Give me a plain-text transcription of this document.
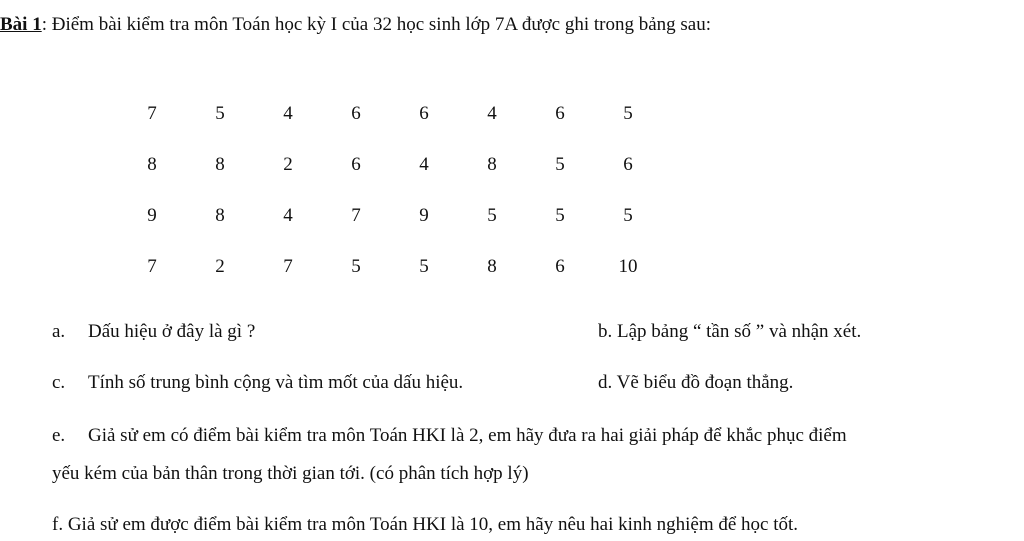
Bài 1: Điểm bài kiểm tra môn Toán học kỳ I của 32 học sinh lớp 7A được ghi trong bảng sau:
7	5	4	6	6	4	6	5
8	8	2	6	4	8	5	6
9	8	4	7	9	5	5	5
7	2	7	5	5	8	6	10
a. Dấu hiệu ở đây là gì ?	b. Lập bảng “ tần số ” và nhận xét.
c. Tính số trung bình cộng và tìm mốt của dấu hiệu.	d. Vẽ biểu đồ đoạn thẳng.
e. Giả sử em có điểm bài kiểm tra môn Toán HKI là 2, em hãy đưa ra hai giải pháp để khắc phục điểm
yếu kém của bản thân trong thời gian tới. (có phân tích hợp lý)
f. Giả sử em được điểm bài kiểm tra môn Toán HKI là 10, em hãy nêu hai kinh nghiệm để học tốt.
